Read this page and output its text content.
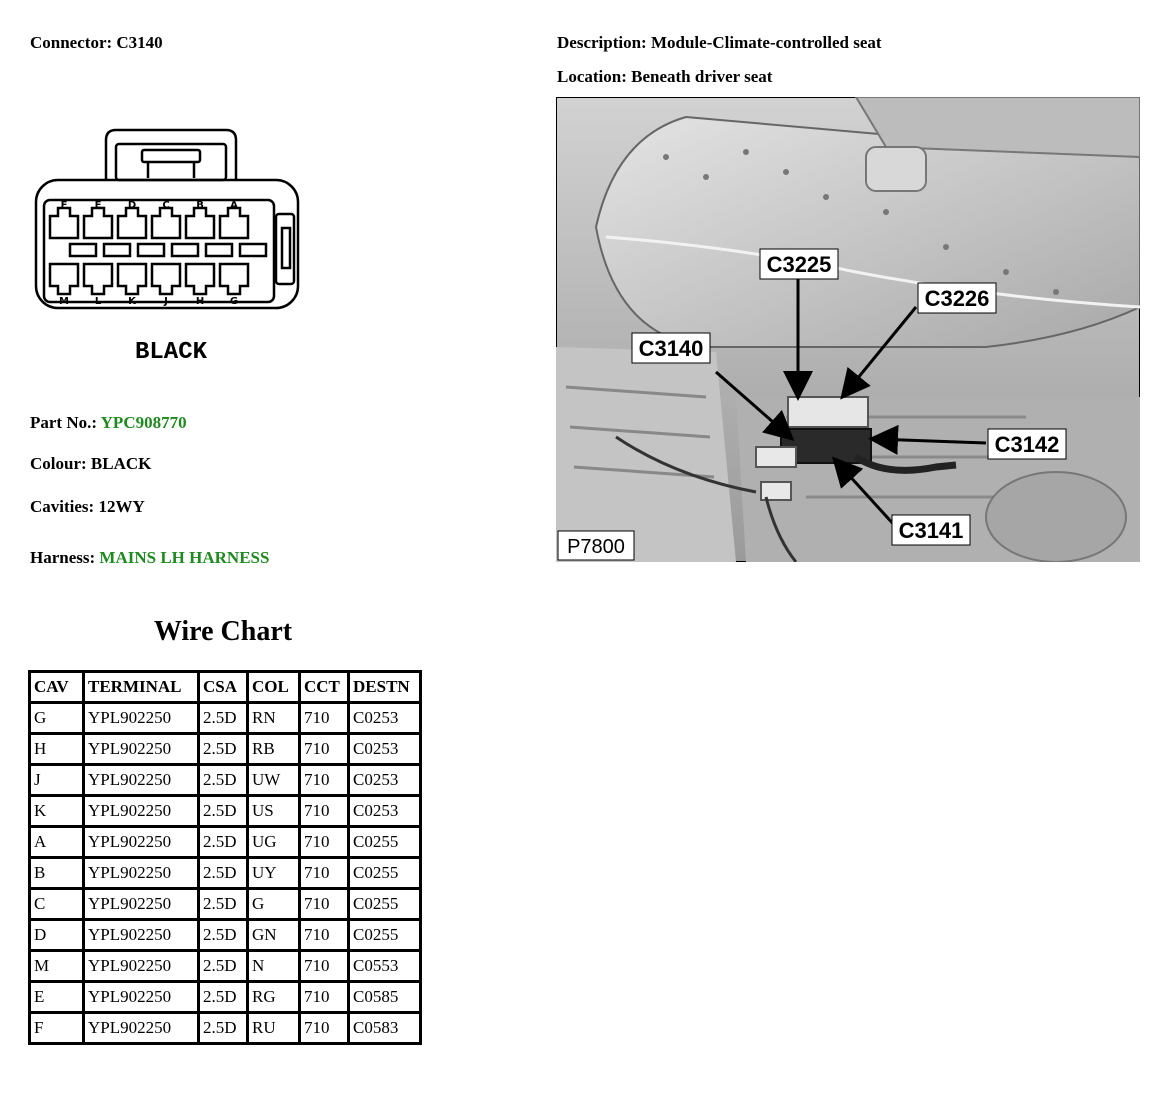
Connector: C3140	Description: Module-Climate-controlled seat
Location: Beneath driver seat
F	E	D	C	B	A
M	L	K	J	H	G
BLACK
Part No.: YPC908770
Colour: BLACK
Cavities: 12WY
Harness: MAINS LH HARNESS
C3225
C3226
C3140
C3142
C3141
P7800
Wire Chart
CAV	TERMINAL	CSA	COL	CCT	DESTN
G	YPL902250	2.5D	RN	710	C0253
H	YPL902250	2.5D	RB	710	C0253
J	YPL902250	2.5D	UW	710	C0253
K	YPL902250	2.5D	US	710	C0253
A	YPL902250	2.5D	UG	710	C0255
B	YPL902250	2.5D	UY	710	C0255
C	YPL902250	2.5D	G	710	C0255
D	YPL902250	2.5D	GN	710	C0255
M	YPL902250	2.5D	N	710	C0553
E	YPL902250	2.5D	RG	710	C0585
F	YPL902250	2.5D	RU	710	C0583
